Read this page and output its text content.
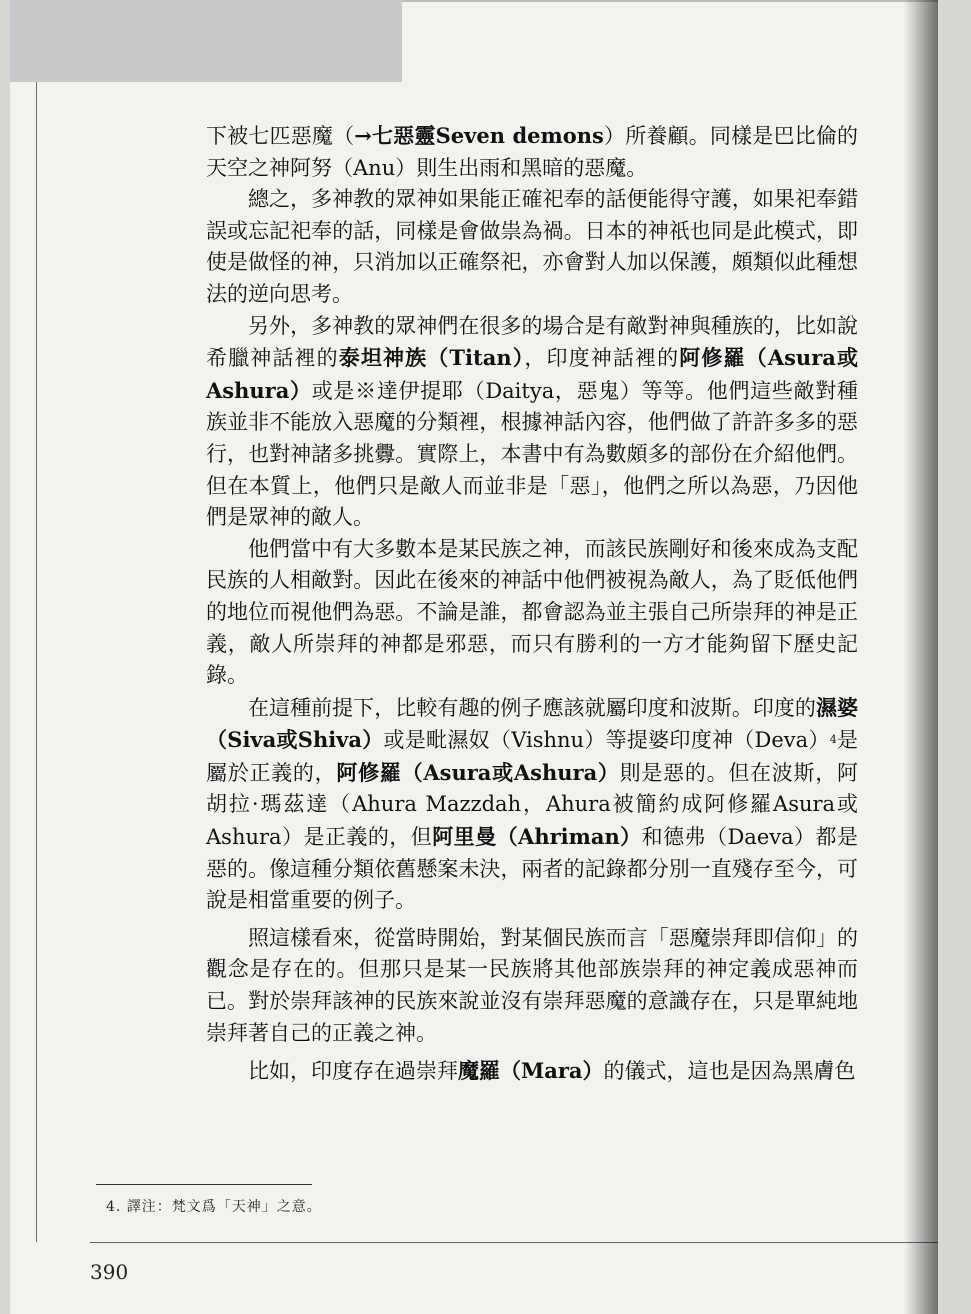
下被七匹惡魔（→七惡靈Seven demons）所養顧。同樣是巴比倫的天空之神阿努（Anu）則生出雨和黑暗的惡魔。

總之，多神教的眾神如果能正確祀奉的話便能得守護，如果祀奉錯誤或忘記祀奉的話，同樣是會做祟為禍。日本的神祇也同是此模式，即使是做怪的神，只消加以正確祭祀，亦會對人加以保護，頗類似此種想法的逆向思考。

另外，多神教的眾神們在很多的場合是有敵對神與種族的，比如說希臘神話裡的泰坦神族（Titan），印度神話裡的阿修羅（Asura或Ashura）或是※達伊提耶（Daitya，惡鬼）等等。他們這些敵對種族並非不能放入惡魔的分類裡，根據神話內容，他們做了許許多多的惡行，也對神諸多挑釁。實際上，本書中有為數頗多的部份在介紹他們。但在本質上，他們只是敵人而並非是「惡」，他們之所以為惡，乃因他們是眾神的敵人。

他們當中有大多數本是某民族之神，而該民族剛好和後來成為支配民族的人相敵對。因此在後來的神話中他們被視為敵人，為了貶低他們的地位而視他們為惡。不論是誰，都會認為並主張自己所崇拜的神是正義，敵人所崇拜的神都是邪惡，而只有勝利的一方才能夠留下歷史記錄。

在這種前提下，比較有趣的例子應該就屬印度和波斯。印度的濕婆（Siva或Shiva）或是毗濕奴（Vishnu）等提婆印度神（Deva）$^4$是屬於正義的，阿修羅（Asura或Ashura）則是惡的。但在波斯，阿胡拉·瑪茲達（Ahura Mazzdah，Ahura被簡約成阿修羅Asura或Ashura）是正義的，但阿里曼（Ahriman）和德弗（Daeva）都是惡的。像這種分類依舊懸案未決，兩者的記錄都分別一直殘存至今，可說是相當重要的例子。

照這樣看來，從當時開始，對某個民族而言「惡魔崇拜即信仰」的觀念是存在的。但那只是某一民族將其他部族崇拜的神定義成惡神而已。對於崇拜該神的民族來說並沒有崇拜惡魔的意識存在，只是單純地崇拜著自己的正義之神。

比如，印度存在過崇拜魔羅（Mara）的儀式，這也是因為黑膚色

4. 譯注：梵文爲「天神」之意。
390
